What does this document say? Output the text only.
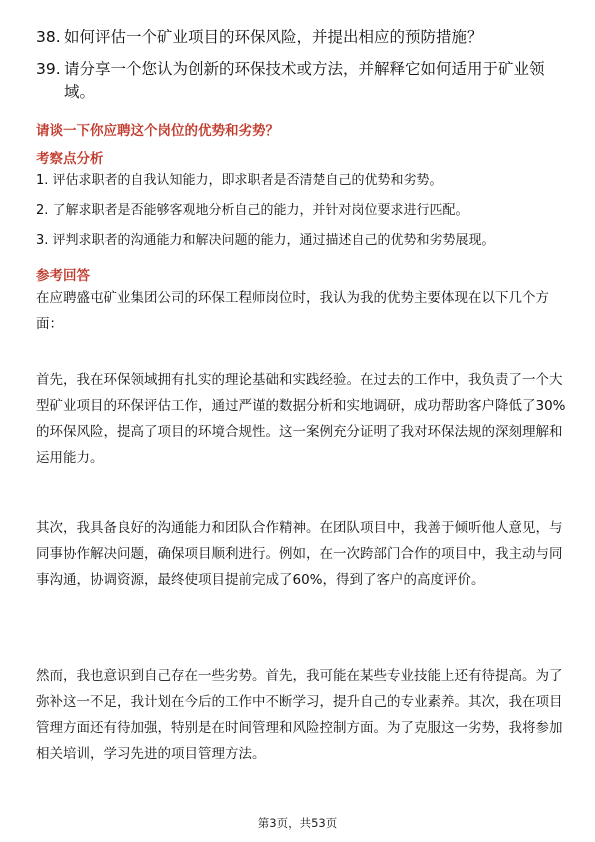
38. 如何评估一个矿业项目的环保风险，并提出相应的预防措施？
39. 请分享一个您认为创新的环保技术或方法，并解释它如何适用于矿业领域。
请谈一下你应聘这个岗位的优势和劣势？
考察点分析
1. 评估求职者的自我认知能力，即求职者是否清楚自己的优势和劣势。
2. 了解求职者是否能够客观地分析自己的能力，并针对岗位要求进行匹配。
3. 评判求职者的沟通能力和解决问题的能力，通过描述自己的优势和劣势展现。
参考回答
在应聘盛屯矿业集团公司的环保工程师岗位时，我认为我的优势主要体现在以下几个方面：
首先，我在环保领域拥有扎实的理论基础和实践经验。在过去的工作中，我负责了一个大型矿业项目的环保评估工作，通过严谨的数据分析和实地调研，成功帮助客户降低了30%的环保风险，提高了项目的环境合规性。这一案例充分证明了我对环保法规的深刻理解和运用能力。
其次，我具备良好的沟通能力和团队合作精神。在团队项目中，我善于倾听他人意见，与同事协作解决问题，确保项目顺利进行。例如，在一次跨部门合作的项目中，我主动与同事沟通，协调资源，最终使项目提前完成了60%，得到了客户的高度评价。
然而，我也意识到自己存在一些劣势。首先，我可能在某些专业技能上还有待提高。为了弥补这一不足，我计划在今后的工作中不断学习，提升自己的专业素养。其次，我在项目管理方面还有待加强，特别是在时间管理和风险控制方面。为了克服这一劣势，我将参加相关培训，学习先进的项目管理方法。
第3页，共53页
